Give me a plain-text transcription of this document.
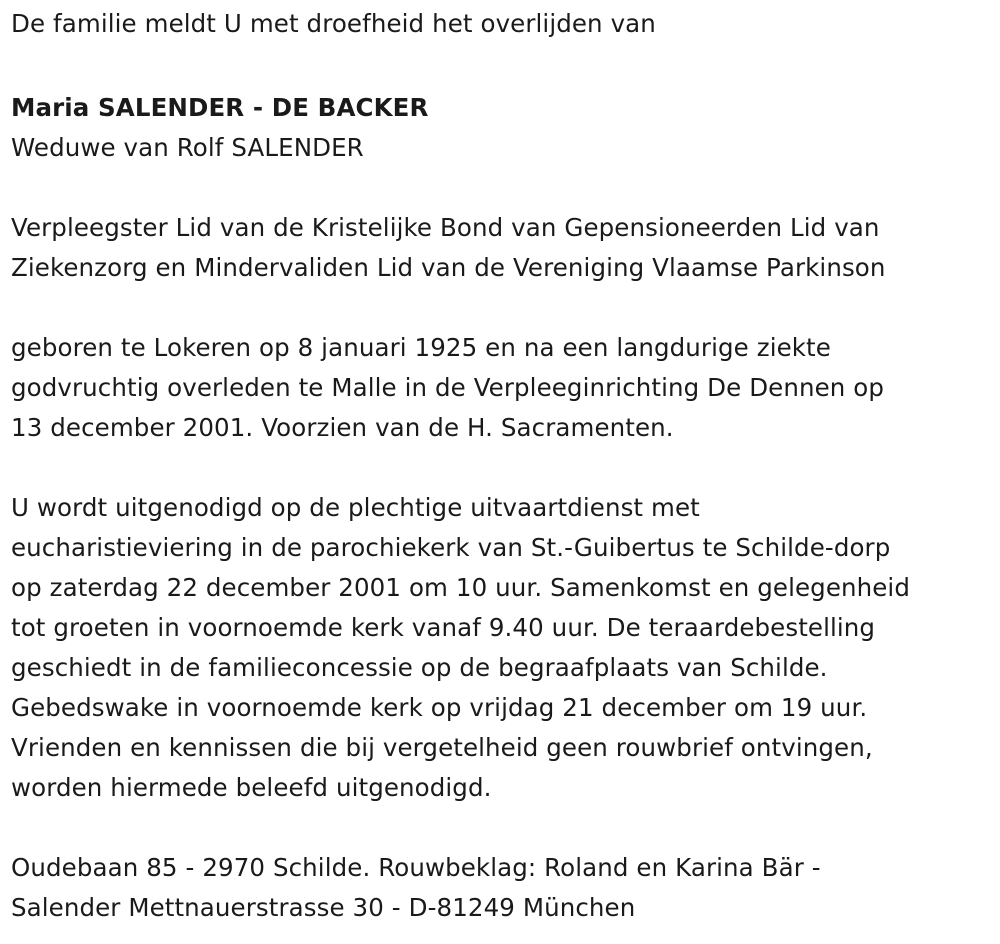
De familie meldt U met droefheid het overlijden van

Maria SALENDER - DE BACKER

Weduwe van Rolf SALENDER

Verpleegster Lid van de Kristelijke Bond van Gepensioneerden Lid van
Ziekenzorg en Mindervaliden Lid van de Vereniging Vlaamse Parkinson

geboren te Lokeren op 8 januari 1925 en na een langdurige ziekte
godvruchtig overleden te Malle in de Verpleeginrichting De Dennen op
13 december 2001. Voorzien van de H. Sacramenten.

U wordt uitgenodigd op de plechtige uitvaartdienst met
eucharistieviering in de parochiekerk van St.-Guibertus te Schilde-dorp
op zaterdag 22 december 2001 om 10 uur. Samenkomst en gelegenheid
tot groeten in voornoemde kerk vanaf 9.40 uur. De teraardebestelling
geschiedt in de familieconcessie op de begraafplaats van Schilde.
Gebedswake in voornoemde kerk op vrijdag 21 december om 19 uur.
Vrienden en kennissen die bij vergetelheid geen rouwbrief ontvingen,
worden hiermede beleefd uitgenodigd.

Oudebaan 85 - 2970 Schilde. Rouwbeklag: Roland en Karina Bär -
Salender Mettnauerstrasse 30 - D-81249 München
